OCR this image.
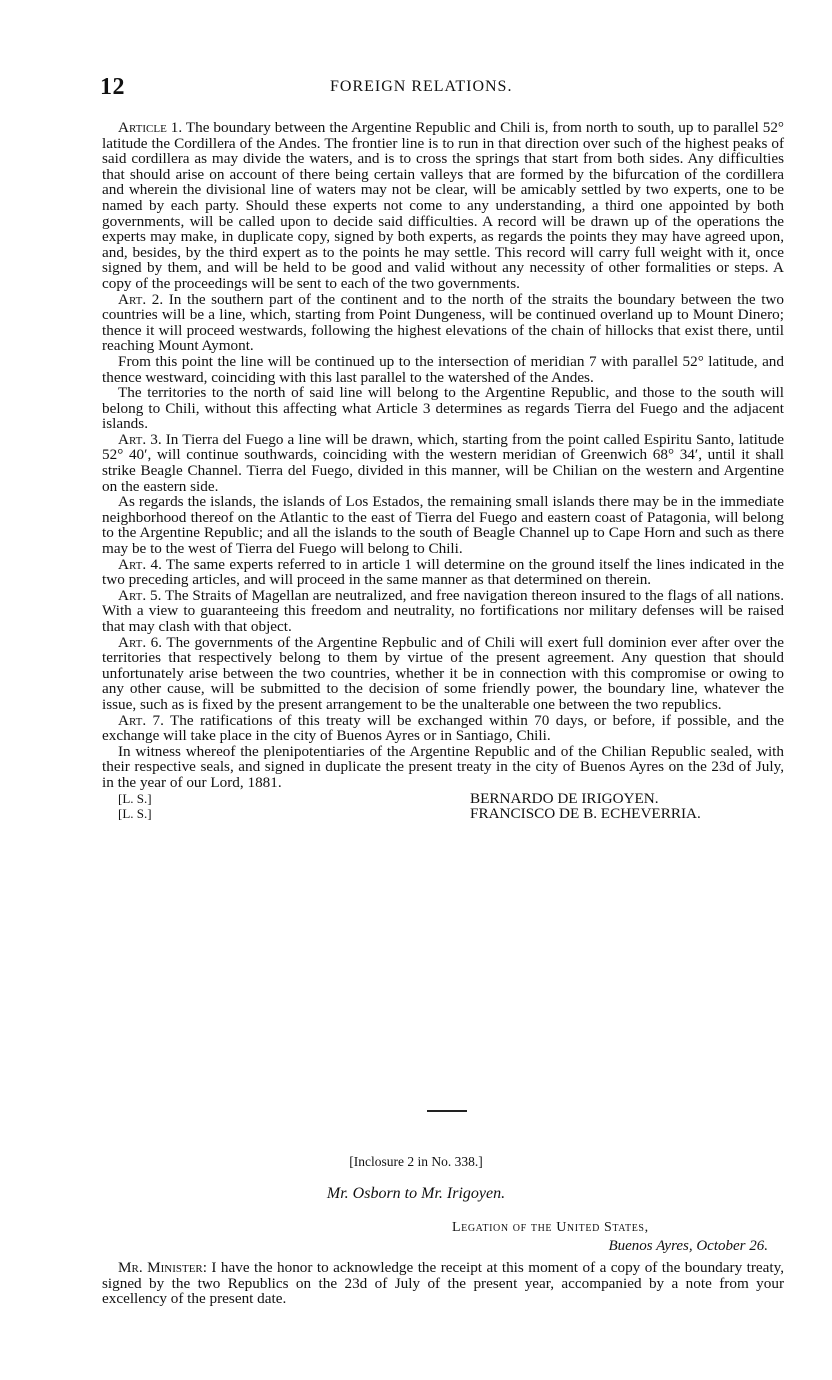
12	FOREIGN RELATIONS.

Article 1. The boundary between the Argentine Republic and Chili is, from north to south, up to parallel 52° latitude the Cordillera of the Andes. The frontier line is to run in that direction over such of the highest peaks of said cordillera as may divide the waters, and is to cross the springs that start from both sides. Any difficulties that should arise on account of there being certain valleys that are formed by the bifurcation of the cordillera and wherein the divisional line of waters may not be clear, will be amicably settled by two experts, one to be named by each party. Should these experts not come to any understanding, a third one appointed by both governments, will be called upon to decide said difficulties. A record will be drawn up of the operations the experts may make, in duplicate copy, signed by both experts, as regards the points they may have agreed upon, and, besides, by the third expert as to the points he may settle. This record will carry full weight with it, once signed by them, and will be held to be good and valid without any necessity of other formalities or steps. A copy of the proceedings will be sent to each of the two governments.

Art. 2. In the southern part of the continent and to the north of the straits the boundary between the two countries will be a line, which, starting from Point Dungeness, will be continued overland up to Mount Dinero; thence it will proceed westwards, following the highest elevations of the chain of hillocks that exist there, until reaching Mount Aymont.

From this point the line will be continued up to the intersection of meridian 7 with parallel 52° latitude, and thence westward, coinciding with this last parallel to the watershed of the Andes.

The territories to the north of said line will belong to the Argentine Republic, and those to the south will belong to Chili, without this affecting what Article 3 determines as regards Tierra del Fuego and the adjacent islands.

Art. 3. In Tierra del Fuego a line will be drawn, which, starting from the point called Espiritu Santo, latitude 52° 40′, will continue southwards, coinciding with the western meridian of Greenwich 68° 34′, until it shall strike Beagle Channel. Tierra del Fuego, divided in this manner, will be Chilian on the western and Argentine on the eastern side.

As regards the islands, the islands of Los Estados, the remaining small islands there may be in the immediate neighborhood thereof on the Atlantic to the east of Tierra del Fuego and eastern coast of Patagonia, will belong to the Argentine Republic; and all the islands to the south of Beagle Channel up to Cape Horn and such as there may be to the west of Tierra del Fuego will belong to Chili.

Art. 4. The same experts referred to in article 1 will determine on the ground itself the lines indicated in the two preceding articles, and will proceed in the same manner as that determined on therein.

Art. 5. The Straits of Magellan are neutralized, and free navigation thereon insured to the flags of all nations. With a view to guaranteeing this freedom and neutrality, no fortifications nor military defenses will be raised that may clash with that object.

Art. 6. The governments of the Argentine Repbulic and of Chili will exert full dominion ever after over the territories that respectively belong to them by virtue of the present agreement. Any question that should unfortunately arise between the two countries, whether it be in connection with this compromise or owing to any other cause, will be submitted to the decision of some friendly power, the boundary line, whatever the issue, such as is fixed by the present arrangement to be the unalterable one between the two republics.

Art. 7. The ratifications of this treaty will be exchanged within 70 days, or before, if possible, and the exchange will take place in the city of Buenos Ayres or in Santiago, Chili.

In witness whereof the plenipotentiaries of the Argentine Republic and of the Chilian Republic sealed, with their respective seals, and signed in duplicate the present treaty in the city of Buenos Ayres on the 23d of July, in the year of our Lord, 1881.

[L. S.]	BERNARDO DE IRIGOYEN.
[L. S.]	FRANCISCO DE B. ECHEVERRIA.
[Inclosure 2 in No. 338.]
Mr. Osborn to Mr. Irigoyen.
Legation of the United States,
Buenos Ayres, October 26.

Mr. Minister: I have the honor to acknowledge the receipt at this moment of a copy of the boundary treaty, signed by the two Republics on the 23d of July of the present year, accompanied by a note from your excellency of the present date.
